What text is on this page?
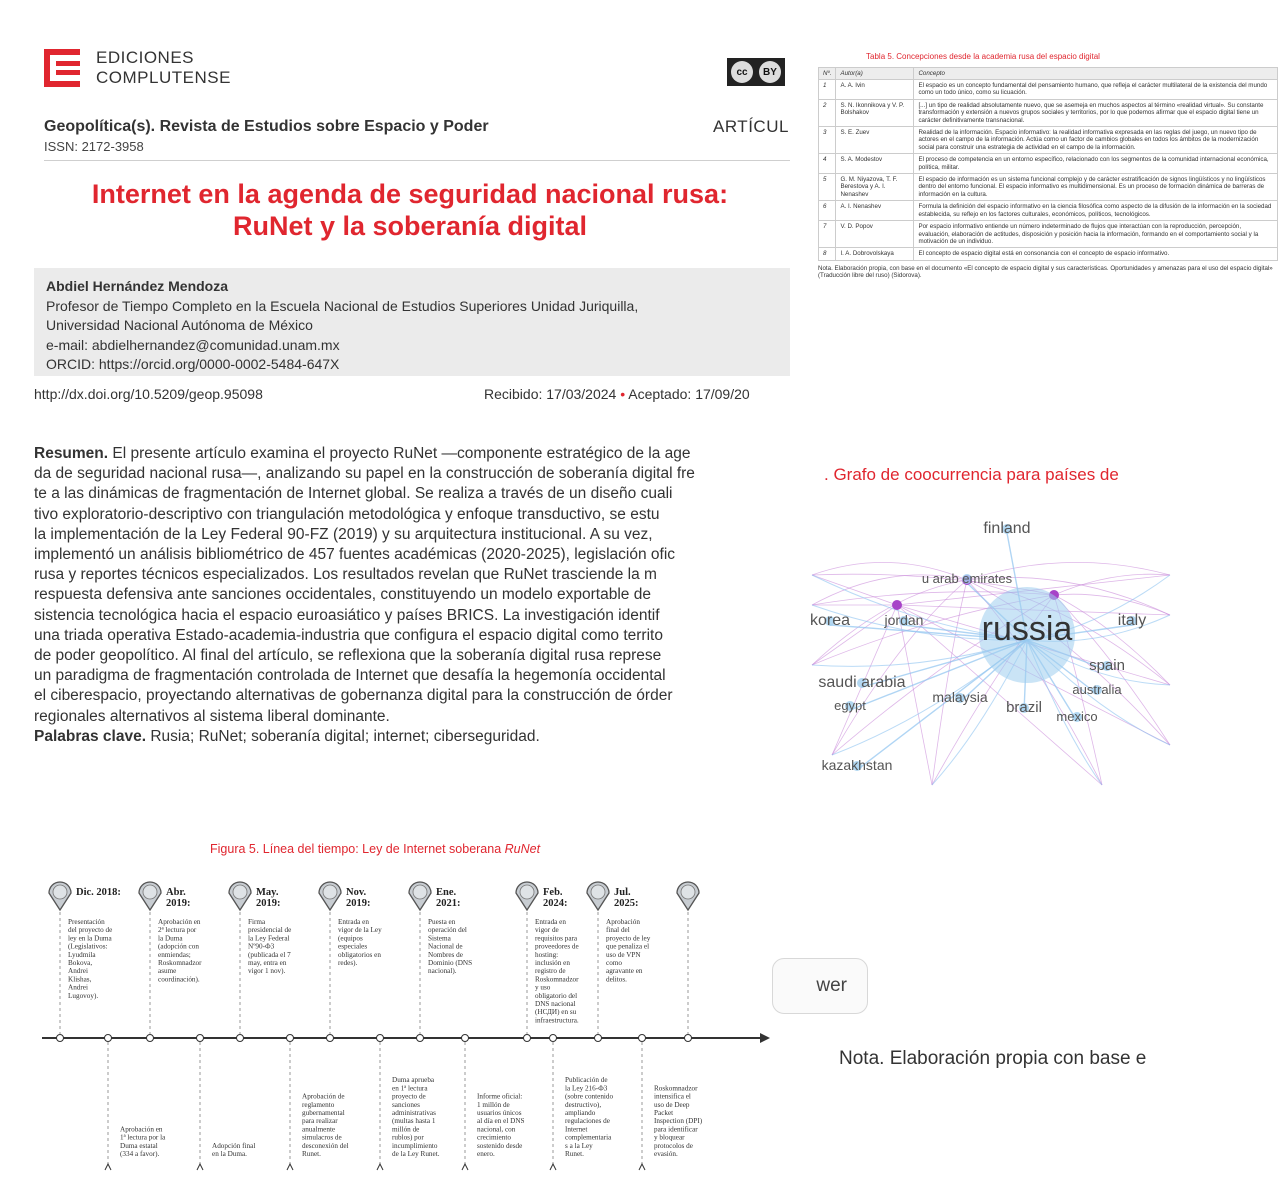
EDICIONES
COMPLUTENSE	cc	BY
Geopolítica(s). Revista de Estudios sobre Espacio y Poder
ISSN: 2172-3958
ARTÍCUL
Internet en la agenda de seguridad nacional rusa:
RuNet y la soberanía digital
Abdiel Hernández Mendoza
Profesor de Tiempo Completo en la Escuela Nacional de Estudios Superiores Unidad Juriquilla,
Universidad Nacional Autónoma de México
e-mail: abdielhernandez@comunidad.unam.mx
ORCID: https://orcid.org/0000-0002-5484-647X
http://dx.doi.org/10.5209/geop.95098	Recibido: 17/03/2024 • Aceptado: 17/09/20

Resumen. El presente artículo examina el proyecto RuNet —componente estratégico de la age

da de seguridad nacional rusa—, analizando su papel en la construcción de soberanía digital fre

te a las dinámicas de fragmentación de Internet global. Se realiza a través de un diseño cuali

tivo exploratorio-descriptivo con triangulación metodológica y enfoque transductivo, se estu

la implementación de la Ley Federal 90-FZ (2019) y su arquitectura institucional. A su vez,

implementó un análisis bibliométrico de 457 fuentes académicas (2020-2025), legislación ofic

rusa y reportes técnicos especializados. Los resultados revelan que RuNet trasciende la m

respuesta defensiva ante sanciones occidentales, constituyendo un modelo exportable de

sistencia tecnológica hacia el espacio euroasiático y países BRICS. La investigación identif

una triada operativa Estado-academia-industria que configura el espacio digital como territo

de poder geopolítico. Al final del artículo, se reflexiona que la soberanía digital rusa represe

un paradigma de fragmentación controlada de Internet que desafía la hegemonía occidental

el ciberespacio, proyectando alternativas de gobernanza digital para la construcción de órder

regionales alternativos al sistema liberal dominante.

Palabras clave. Rusia; RuNet; soberanía digital; internet; ciberseguridad.

Tabla 5. Concepciones desde la academia rusa del espacio digital
Nº.	Autor(a)	Concepto
1	A. A. Ivin	El espacio es un concepto fundamental del pensamiento humano, que refleja el carácter multilateral de la existencia del mundo como un todo único, como su licuación.
2	S. N. Ikonnikova y V. P. Bolshakov	[...] un tipo de realidad absolutamente nuevo, que se asemeja en muchos aspectos al término «realidad virtual». Su constante transformación y extensión a nuevos grupos sociales y territorios, por lo que podemos afirmar que el espacio digital tiene un carácter definitivamente transnacional.
3	S. E. Zuev	Realidad de la información. Espacio informativo: la realidad informativa expresada en las reglas del juego, un nuevo tipo de actores en el campo de la información. Actúa como un factor de cambios globales en todos los ámbitos de la modernización social para construir una estrategia de actividad en el campo de la información.
4	S. A. Modestov	El proceso de competencia en un entorno específico, relacionado con los segmentos de la comunidad internacional económica, política, militar.
5	G. M. Niyazova, T. F. Berestova y A. I. Nenashev	El espacio de información es un sistema funcional complejo y de carácter estratificación de signos lingüísticos y no lingüísticos dentro del entorno funcional. El espacio informativo es multidimensional. Es un proceso de formación dinámica de barreras de información en la cultura.
6	A. I. Nenashev	Formula la definición del espacio informativo en la ciencia filosófica como aspecto de la difusión de la información en la sociedad establecida, su reflejo en los factores culturales, económicos, políticos, tecnológicos.
7	V. D. Popov	Por espacio informativo entiende un número indeterminado de flujos que interactúan con la reproducción, percepción, evaluación, elaboración de actitudes, disposición y posición hacia la información, formando en el comportamiento social y la motivación de un individuo.
8	I. A. Dobrovolskaya	El concepto de espacio digital está en consonancia con el concepto de espacio informativo.
Nota. Elaboración propia, con base en el documento «El concepto de espacio digital y sus características. Oportunidades y amenazas para el uso del espacio digital» (Traducción libre del ruso) (Sidorova).
. Grafo de coocurrencia para países de
russia
finland
u arab emirates
korea jordan	italy
spain
australia
saudi arabia
egypt
malaysia
brazil
mexico
kazakhstan
wer
Nota. Elaboración propia con base e
Figura 5. Línea del tiempo: Ley de Internet soberana RuNet
Dic. 2018:
Presentación del proyecto de ley en la Duma (Legislativos: Lyudmila Bokova, Andrei Klishas, Andrei Lugovoy).
Abr.
2019:
Aprobación en 2ª lectura por la Duma (adopción con enmiendas; Roskomnadzor asume coordinación).
May.
2019:
Firma presidencial de la Ley Federal Nº90-Ф3 (publicada el 7 may, entra en vigor 1 nov).
Nov.
2019:
Entrada en vigor de la Ley (equipos especiales obligatorios en redes).
Ene.
2021:
Puesta en operación del Sistema Nacional de Nombres de Dominio (DNS nacional).
Feb.
2024:
Entrada en vigor de requisitos para proveedores de hosting: inclusión en registro de Roskomnadzor y uso obligatorio del DNS nacional (НСДИ) en su infraestructura.
Jul.
2025:
Aprobación final del proyecto de ley que penaliza el uso de VPN como agravante en delitos.
Aprobación en 1ª lectura por la Duma estatal (334 a favor).
Adopción final en la Duma.
Aprobación de reglamento gubernamental para realizar anualmente simulacros de desconexión del Runet.
Duma aprueba en 1ª lectura proyecto de sanciones administrativas (multas hasta 1 millón de rublos) por incumplimiento de la Ley Runet.
Informe oficial: 1 millón de usuarios únicos al día en el DNS nacional, con crecimiento sostenido desde enero.
Publicación de la Ley 216-Ф3 (sobre contenido destructivo), ampliando regulaciones de Internet complementaria s a la Ley Runet.
Roskomnadzor intensifica el uso de Deep Packet Inspection (DPI) para identificar y bloquear protocolos de evasión.
